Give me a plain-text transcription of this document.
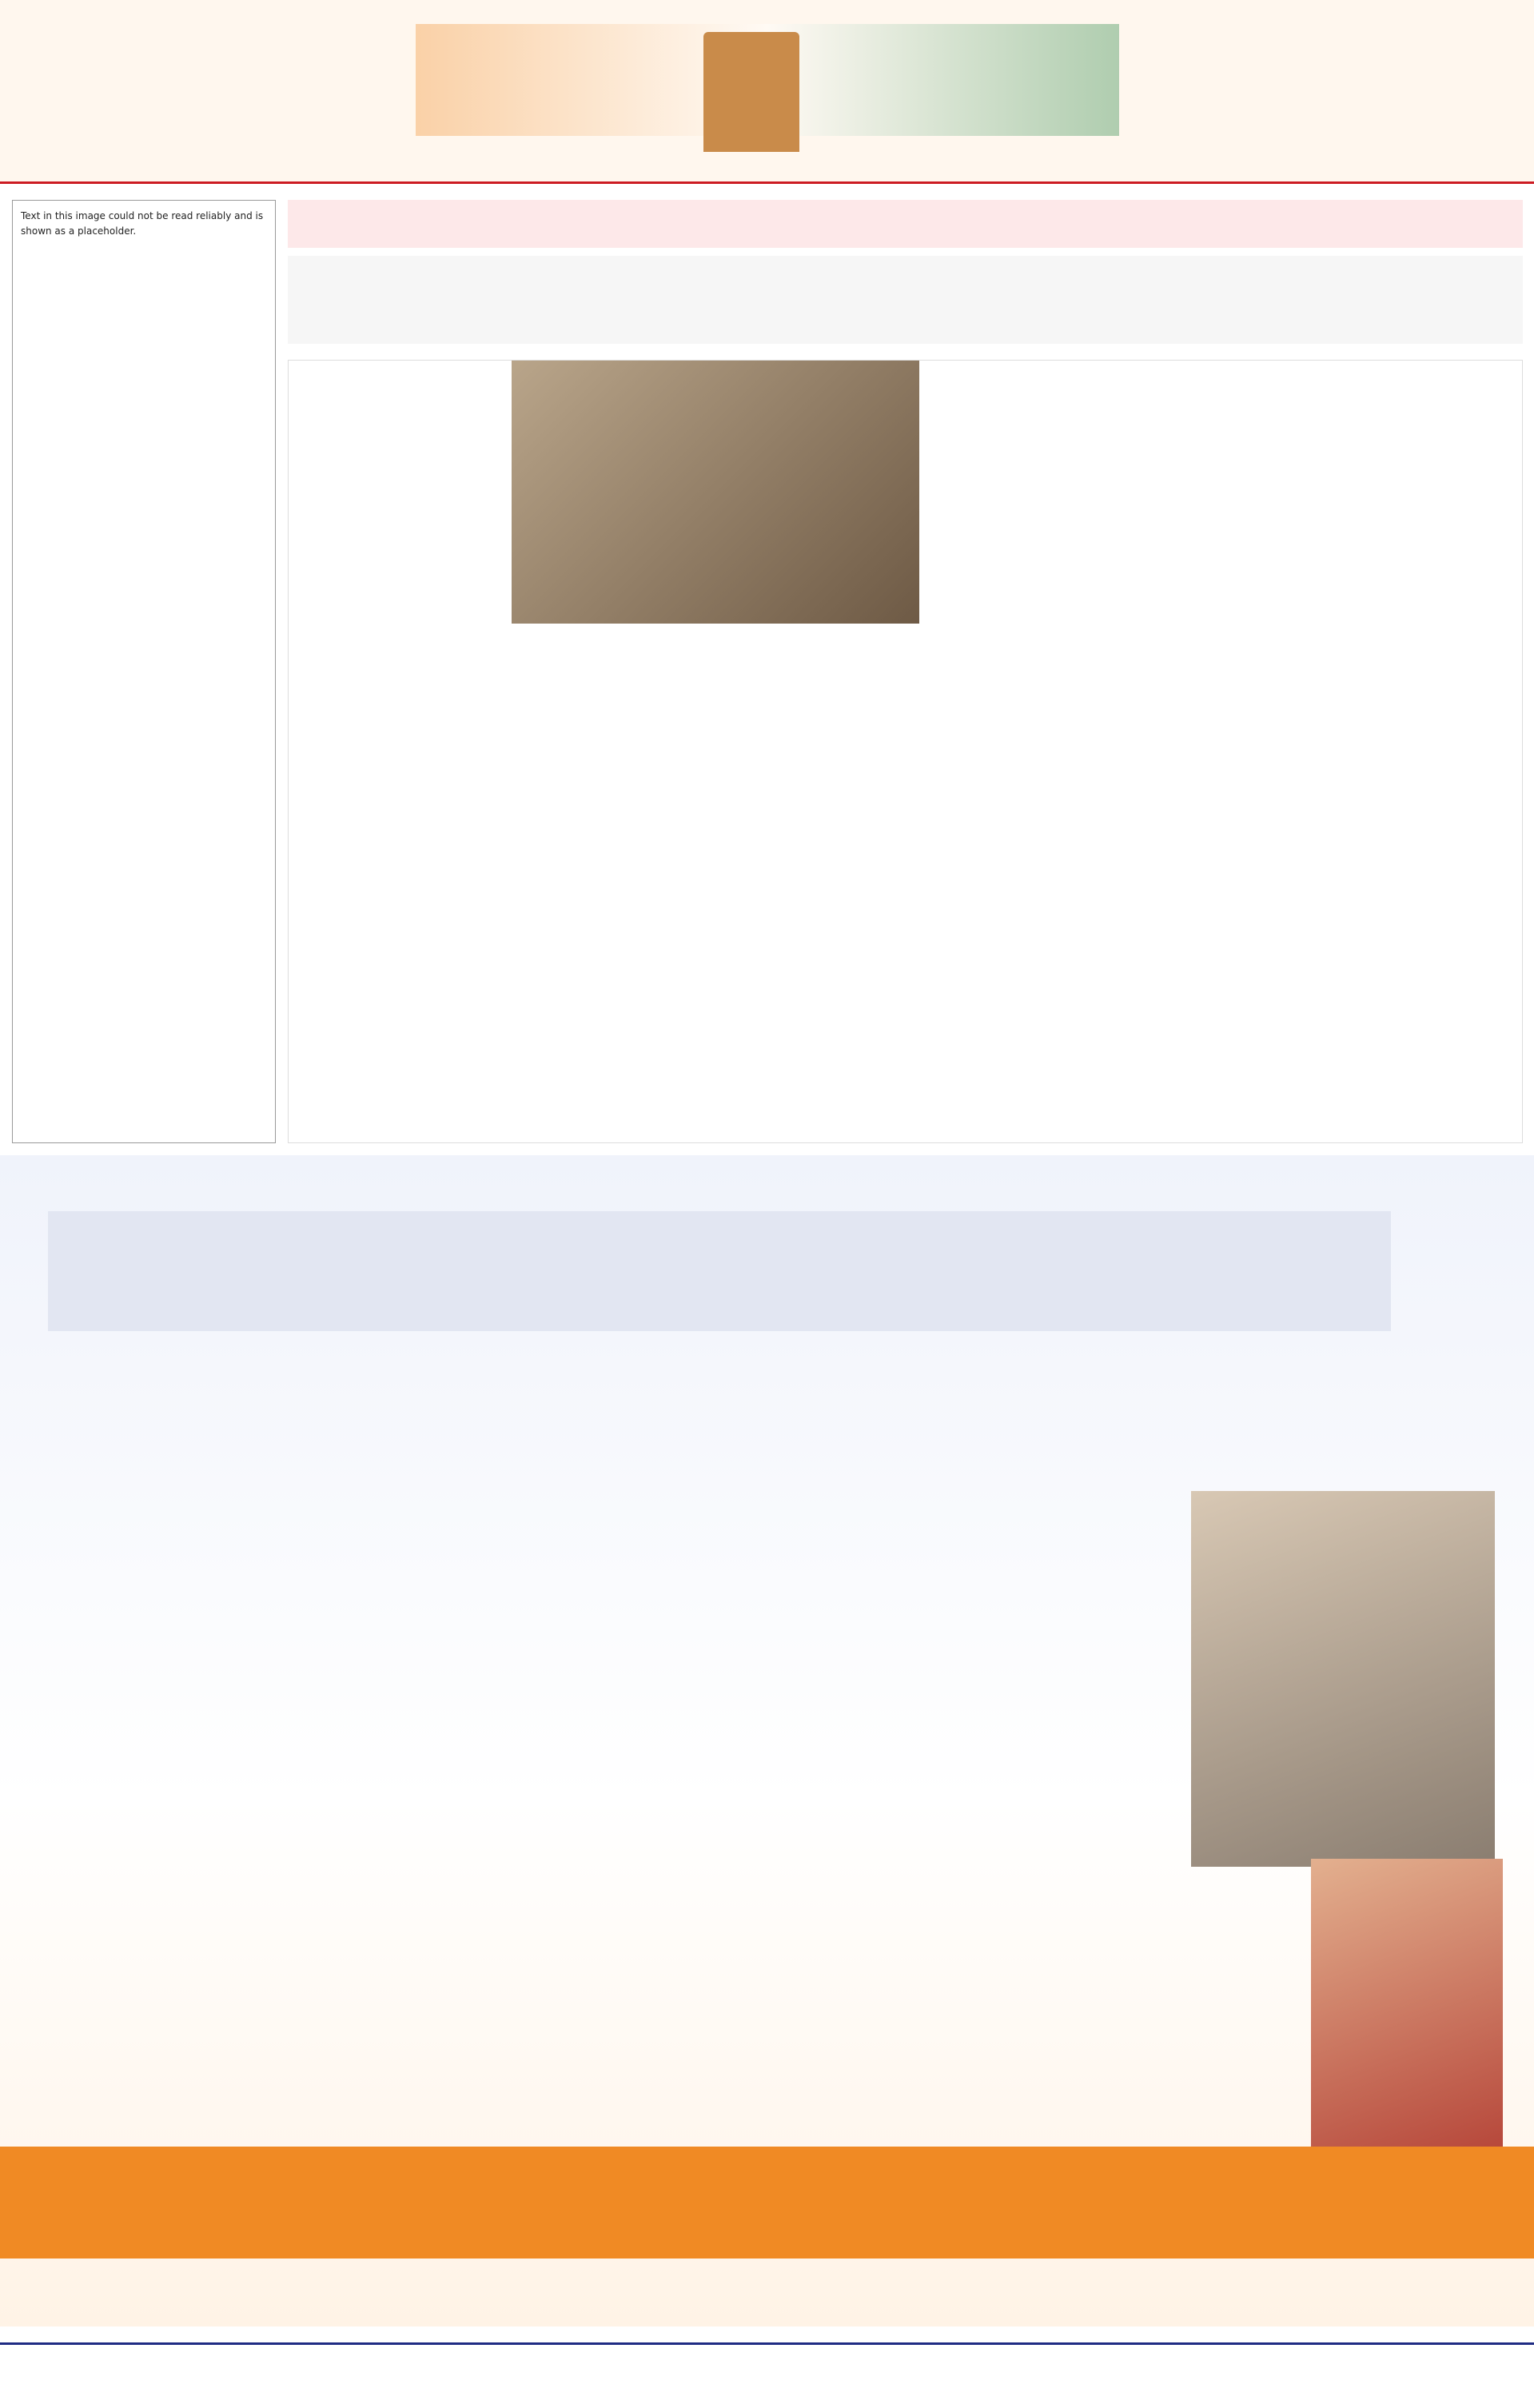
Text in this image could not be read reliably and is shown as a placeholder.
